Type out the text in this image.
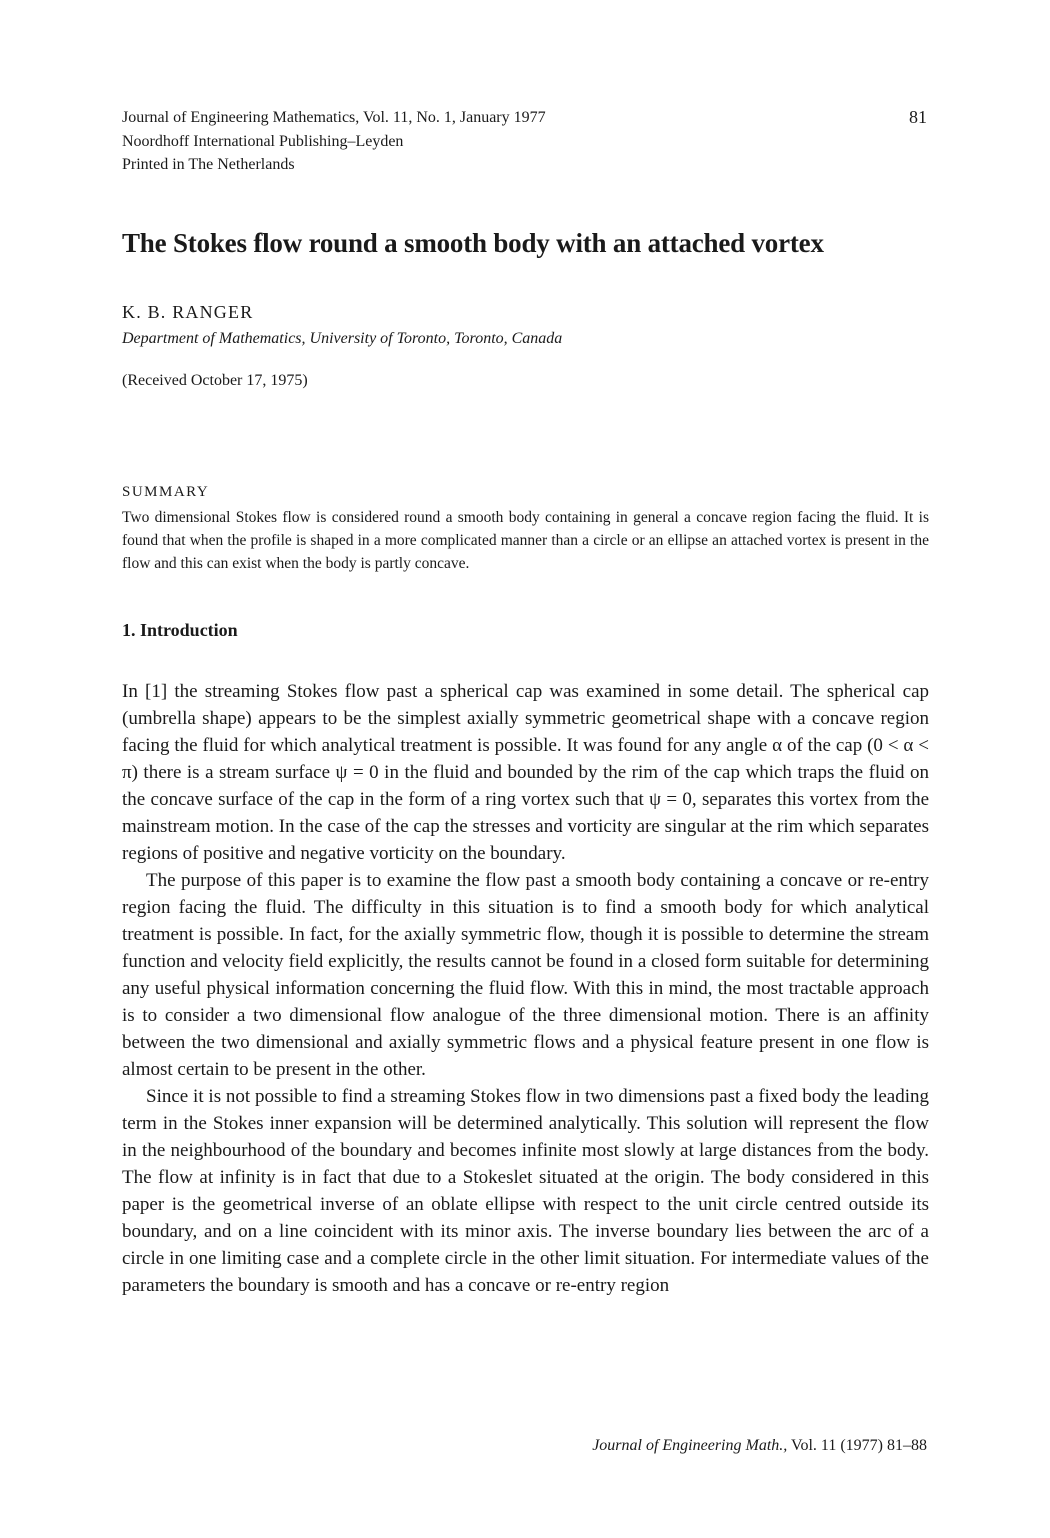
Journal of Engineering Mathematics, Vol. 11, No. 1, January 1977
Noordhoff International Publishing–Leyden
Printed in The Netherlands
81
The Stokes flow round a smooth body with an attached vortex
K. B. RANGER
Department of Mathematics, University of Toronto, Toronto, Canada
(Received October 17, 1975)
SUMMARY

Two dimensional Stokes flow is considered round a smooth body containing in general a concave region facing the fluid. It is found that when the profile is shaped in a more complicated manner than a circle or an ellipse an attached vortex is present in the flow and this can exist when the body is partly concave.

1. Introduction

In [1] the streaming Stokes flow past a spherical cap was examined in some detail. The spherical cap (umbrella shape) appears to be the simplest axially symmetric geometrical shape with a concave region facing the fluid for which analytical treatment is possible. It was found for any angle α of the cap (0 < α < π) there is a stream surface ψ = 0 in the fluid and bounded by the rim of the cap which traps the fluid on the concave surface of the cap in the form of a ring vortex such that ψ = 0, separates this vortex from the mainstream motion. In the case of the cap the stresses and vorticity are singular at the rim which separates regions of positive and negative vorticity on the boundary.

The purpose of this paper is to examine the flow past a smooth body containing a concave or re-entry region facing the fluid. The difficulty in this situation is to find a smooth body for which analytical treatment is possible. In fact, for the axially symmetric flow, though it is possible to determine the stream function and velocity field explicitly, the results cannot be found in a closed form suitable for determining any useful physical information concerning the fluid flow. With this in mind, the most tractable approach is to consider a two dimensional flow analogue of the three dimensional motion. There is an affinity between the two dimensional and axially symmetric flows and a physical feature present in one flow is almost certain to be present in the other.

Since it is not possible to find a streaming Stokes flow in two dimensions past a fixed body the leading term in the Stokes inner expansion will be determined analytically. This solution will represent the flow in the neighbourhood of the boundary and becomes infinite most slowly at large distances from the body. The flow at infinity is in fact that due to a Stokeslet situated at the origin. The body considered in this paper is the geometrical inverse of an oblate ellipse with respect to the unit circle centred outside its boundary, and on a line coincident with its minor axis. The inverse boundary lies between the arc of a circle in one limiting case and a complete circle in the other limit situation. For intermediate values of the parameters the boundary is smooth and has a concave or re-entry region

Journal of Engineering Math., Vol. 11 (1977) 81–88
